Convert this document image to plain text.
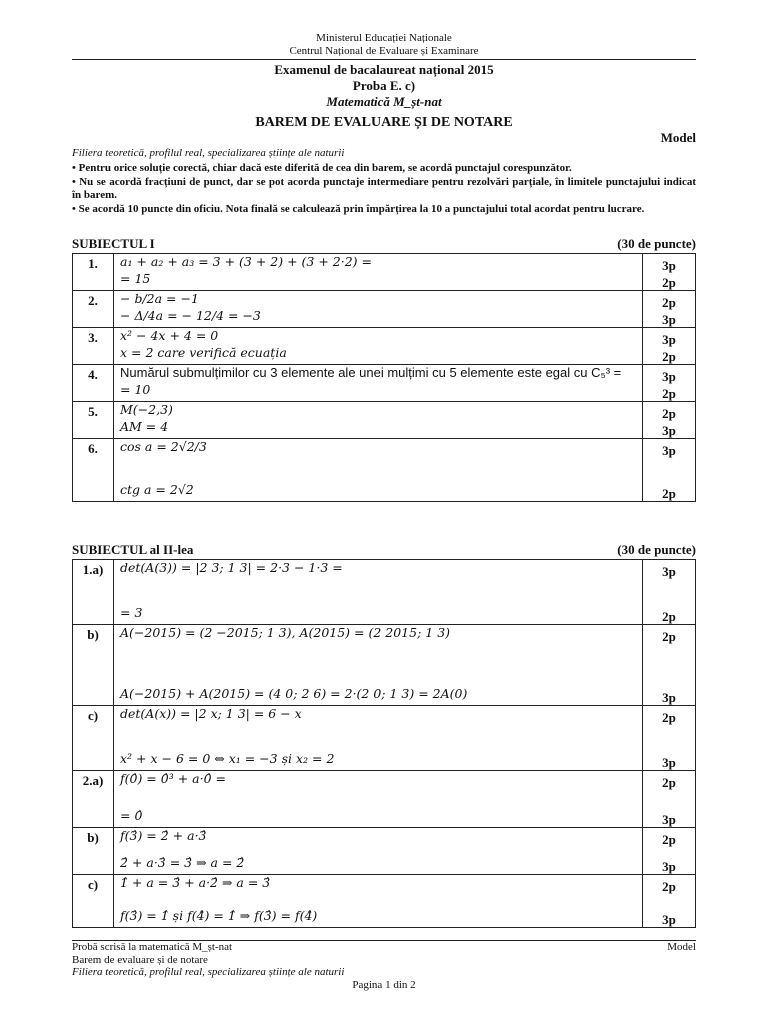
Ministerul Educației Naționale
Centrul Național de Evaluare și Examinare
Examenul de bacalaureat național 2015
Proba E. c)
Matematică M_șt-nat
BAREM DE EVALUARE ȘI DE NOTARE
Model
Filiera teoretică, profilul real, specializarea științe ale naturii
• Pentru orice soluție corectă, chiar dacă este diferită de cea din barem, se acordă punctajul corespunzător.
• Nu se acordă fracțiuni de punct, dar se pot acorda punctaje intermediare pentru rezolvări parțiale, în limitele punctajului indicat în barem.
• Se acordă 10 puncte din oficiu. Nota finală se calculează prin împărțirea la 10 a punctajului total acordat pentru lucrare.
SUBIECTUL I	(30 de puncte)
1.	a₁ + a₂ + a₃ = 3 + (3 + 2) + (3 + 2·2) =
= 15	3p
2p

2.	− b/2a = −1
− Δ/4a = − 12/4 = −3	2p
3p

3.	x² − 4x + 4 = 0
x = 2 care verifică ecuația	3p
2p

4.	Numărul submulțimilor cu 3 elemente ale unei mulțimi cu 5 elemente este egal cu C₅³ =
= 10	3p
2p

5.	M(−2,3)
AM = 4	2p
3p

6.	cos a = 2√2/3
ctg a = 2√2	3p
2p
SUBIECTUL al II-lea	(30 de puncte)
1.a)	det(A(3)) = |2 3; 1 3| = 2·3 − 1·3 =
= 3	3p
2p

b)	A(−2015) = (2 −2015; 1 3), A(2015) = (2 2015; 1 3)
A(−2015) + A(2015) = (4 0; 2 6) = 2·(2 0; 1 3) = 2A(0)	2p
3p

c)	det(A(x)) = |2 x; 1 3| = 6 − x
x² + x − 6 = 0 ⇔ x₁ = −3 și x₂ = 2	2p
3p

2.a)	f(0̂) = 0̂³ + a·0̂ =
= 0̂	2p
3p

b)	f(3̂) = 2̂ + a·3̂
2̂ + a·3̂ = 3̂ ⇒ a = 2̂	2p
3p

c)	1̂ + a = 3̂ + a·2̂ ⇒ a = 3̂
f(3̂) = 1̂ și f(4̂) = 1̂ ⇒ f(3̂) = f(4̂)	2p
3p
Probă scrisă la matematică M_șt-nat
Barem de evaluare și de notare
Filiera teoretică, profilul real, specializarea științe ale naturii
Model
Pagina 1 din 2
